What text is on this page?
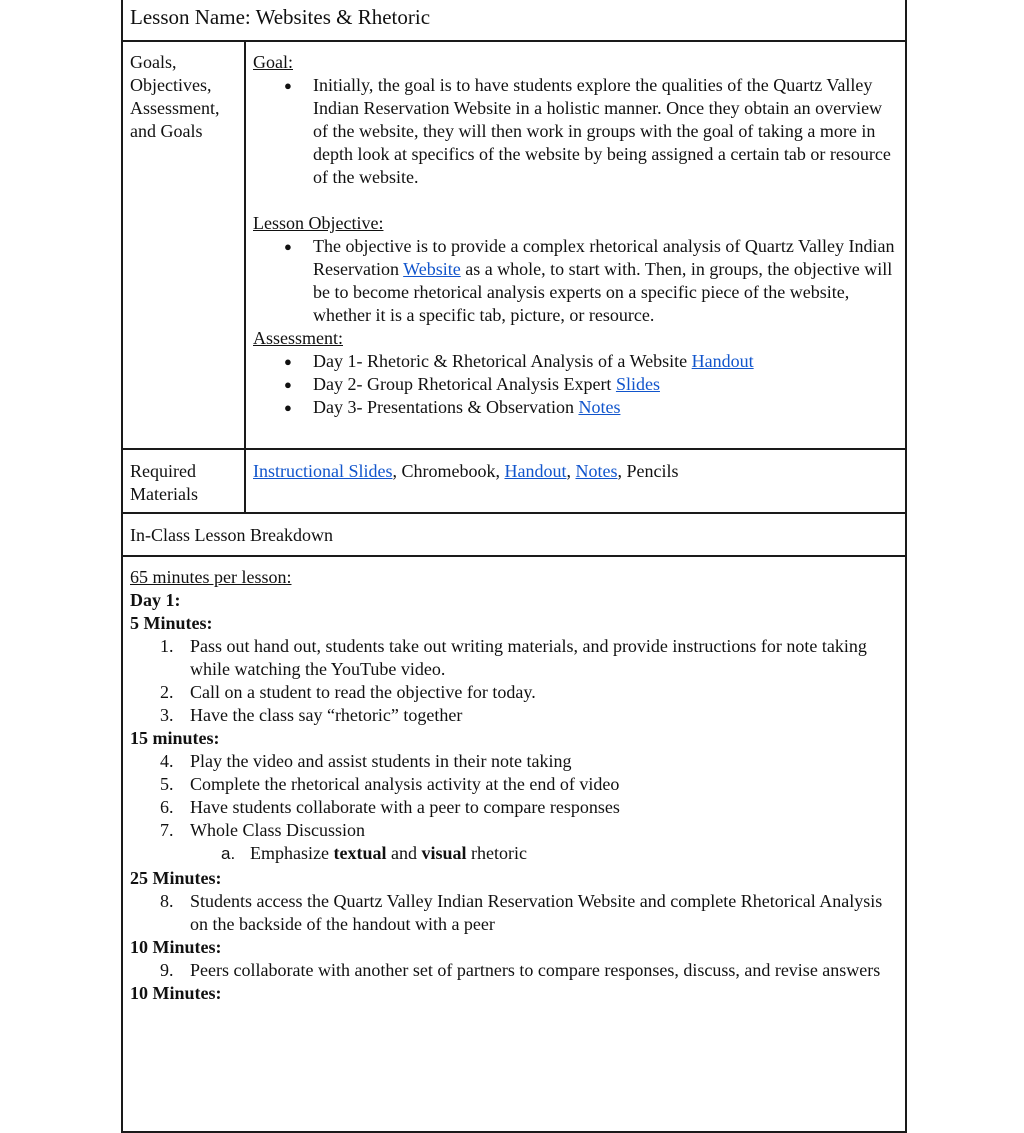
Lesson Name: Websites & Rhetoric	

Goals,
Objectives,
Assessment,
and Goals

Goal:
● Initially, the goal is to have students explore the qualities of the Quartz Valley Indian Reservation Website in a holistic manner. Once they obtain an overview of the website, they will then work in groups with the goal of taking a more in depth look at specifics of the website by being assigned a certain tab or resource of the website.
Lesson Objective:
● The objective is to provide a complex rhetorical analysis of Quartz Valley Indian Reservation Website as a whole, to start with. Then, in groups, the objective will be to become rhetorical analysis experts on a specific piece of the website, whether it is a specific tab, picture, or resource.
Assessment:
● Day 1- Rhetoric & Rhetorical Analysis of a Website Handout
● Day 2- Group Rhetorical Analysis Expert Slides
● Day 3- Presentations & Observation Notes

Required
Materials	Instructional Slides, Chromebook, Handout, Notes, Pencils

In-Class Lesson Breakdown	

65 minutes per lesson:
Day 1:
5 Minutes:
1. Pass out hand out, students take out writing materials, and provide instructions for note taking while watching the YouTube video.
2. Call on a student to read the objective for today.
3. Have the class say “rhetoric” together
15 minutes:
4. Play the video and assist students in their note taking
5. Complete the rhetorical analysis activity at the end of video
6. Have students collaborate with a peer to compare responses
7. Whole Class Discussion
a. Emphasize textual and visual rhetoric
25 Minutes:
8. Students access the Quartz Valley Indian Reservation Website and complete Rhetorical Analysis on the backside of the handout with a peer
10 Minutes:
9. Peers collaborate with another set of partners to compare responses, discuss, and revise answers
10 Minutes:
